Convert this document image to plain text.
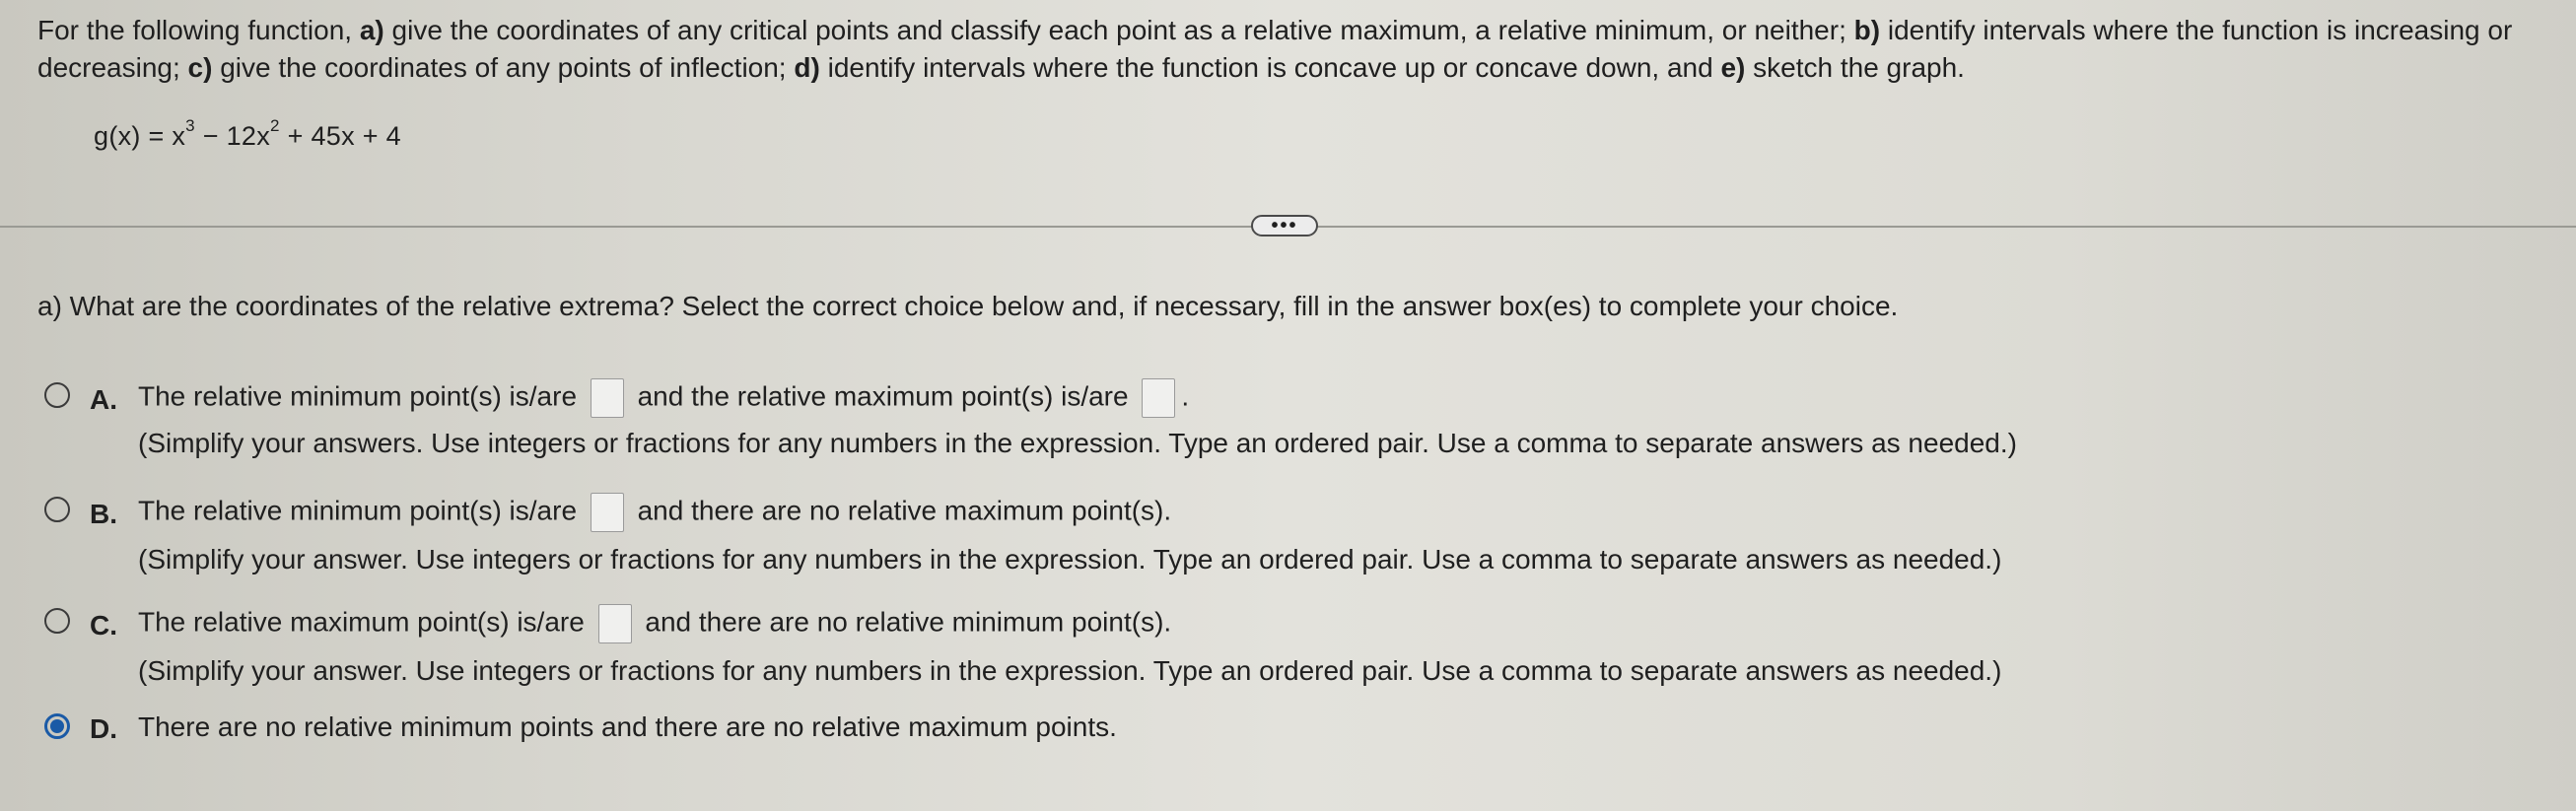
For the following function, a) give the coordinates of any critical points and classify each point as a relative maximum, a relative minimum, or neither; b) identify intervals where the function is increasing or decreasing; c) give the coordinates of any points of inflection; d) identify intervals where the function is concave up or concave down, and e) sketch the graph.
$g(x) = x^3 - 12x^2 + 45x + 4$
•••
a) What are the coordinates of the relative extrema? Select the correct choice below and, if necessary, fill in the answer box(es) to complete your choice.
A. The relative minimum point(s) is/are and the relative maximum point(s) is/are .
(Simplify your answers. Use integers or fractions for any numbers in the expression. Type an ordered pair. Use a comma to separate answers as needed.)
B. The relative minimum point(s) is/are and there are no relative maximum point(s).
(Simplify your answer. Use integers or fractions for any numbers in the expression. Type an ordered pair. Use a comma to separate answers as needed.)
C. The relative maximum point(s) is/are and there are no relative minimum point(s).
(Simplify your answer. Use integers or fractions for any numbers in the expression. Type an ordered pair. Use a comma to separate answers as needed.)
D. There are no relative minimum points and there are no relative maximum points.
